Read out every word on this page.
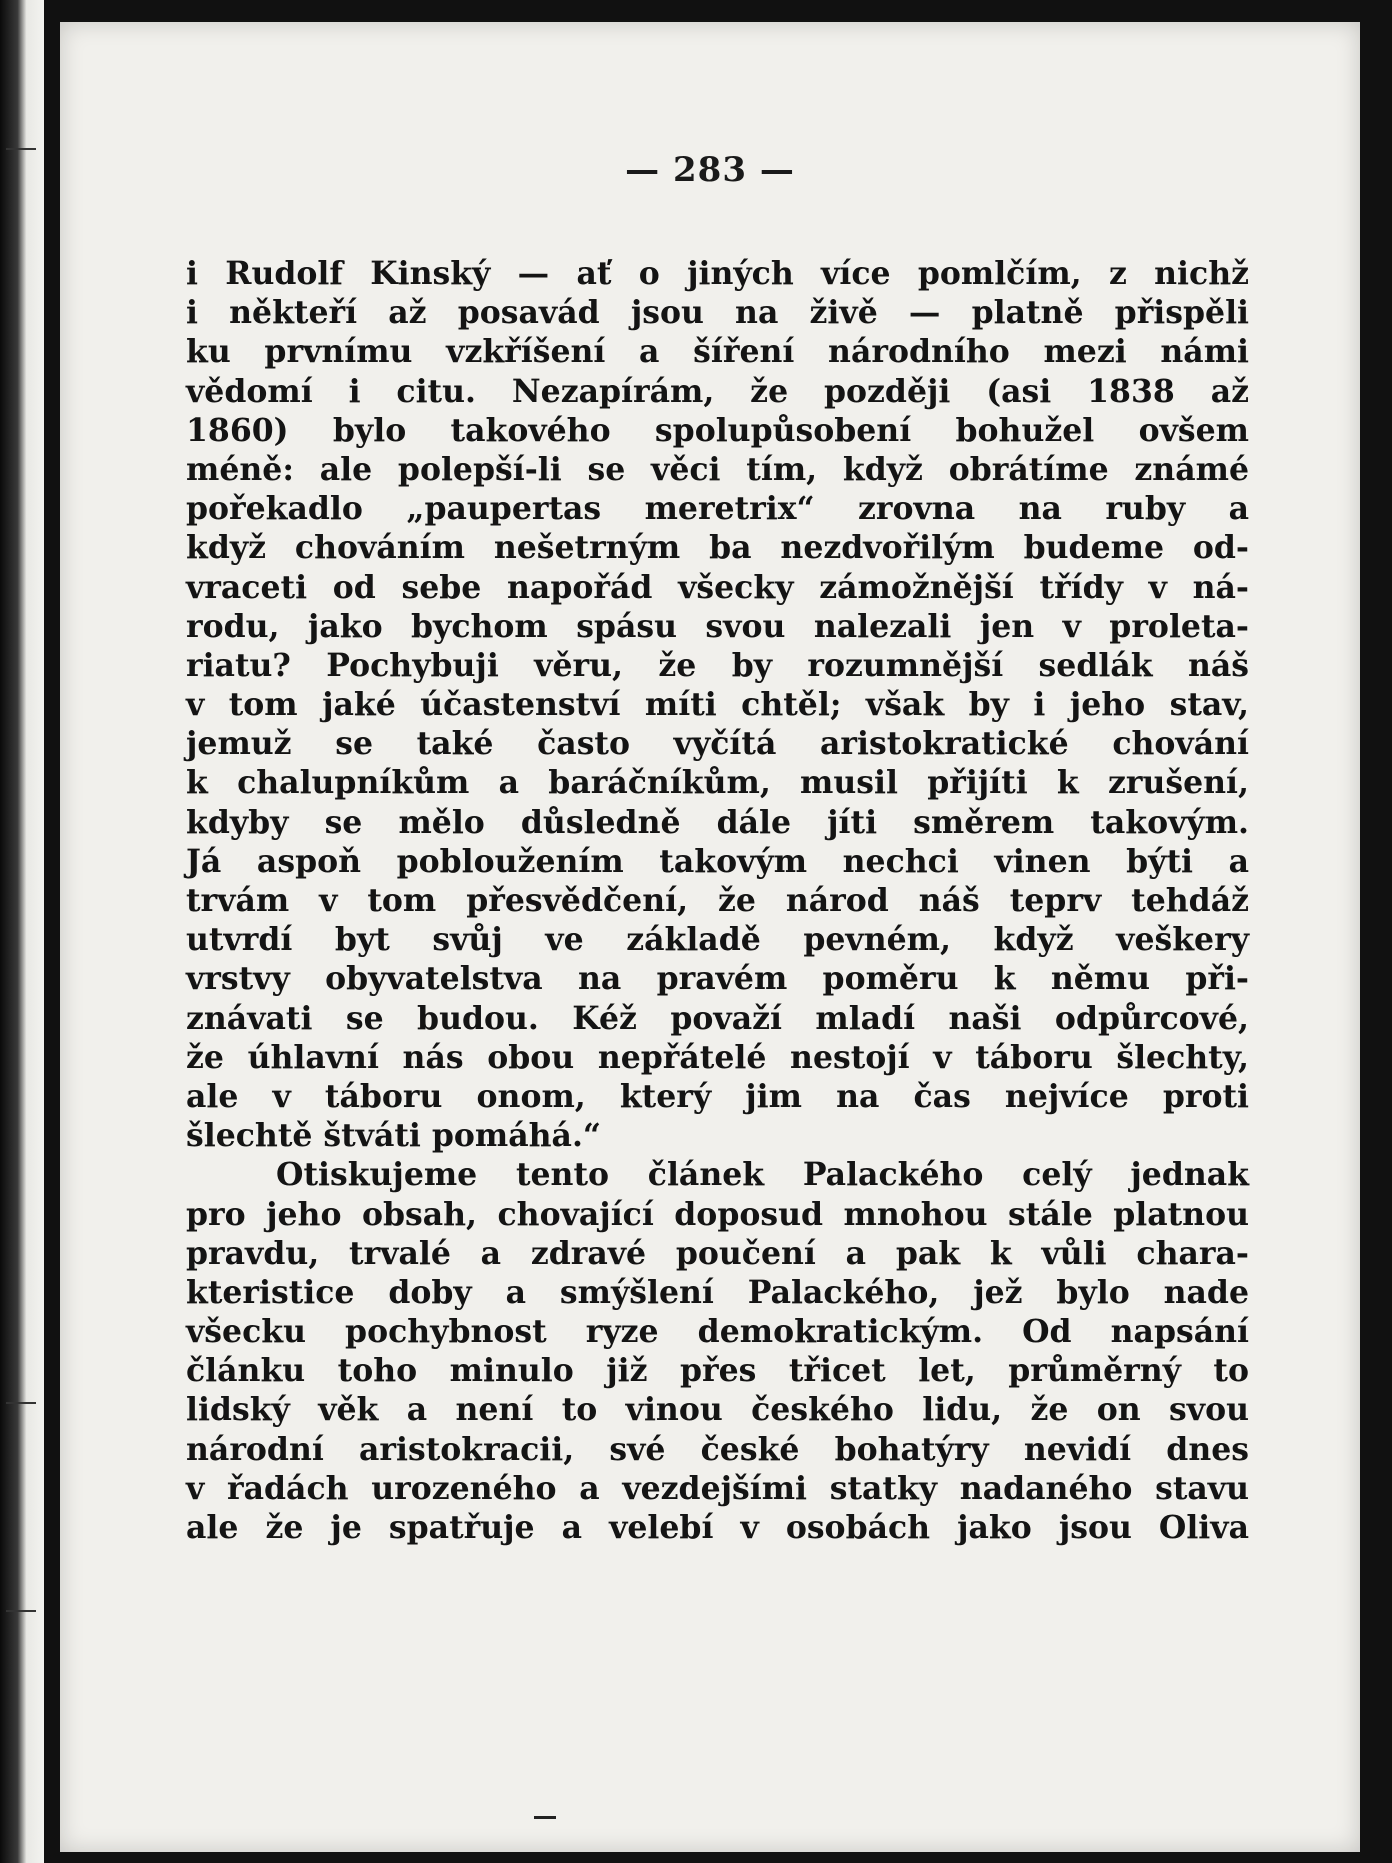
— 283 —
i Rudolf Kinský — ať o jiných více pomlčím, z nichž
i někteří až posavád jsou na živě — platně přispěli
ku prvnímu vzkříšení a šíření národního mezi námi
vědomí i citu. Nezapírám, že později (asi 1838 až
1860) bylo takového spolupůsobení bohužel ovšem
méně: ale polepší-li se věci tím, když obrátíme známé
pořekadlo „paupertas meretrix“ zrovna na ruby a
když chováním nešetrným ba nezdvořilým budeme od-
vraceti od sebe napořád všecky zámožnější třídy v ná-
rodu, jako bychom spásu svou nalezali jen v proleta-
riatu? Pochybuji věru, že by rozumnější sedlák náš
v tom jaké účastenství míti chtěl; však by i jeho stav,
jemuž se také často vyčítá aristokratické chování
k chalupníkům a baráčníkům, musil přijíti k zrušení,
kdyby se mělo důsledně dále jíti směrem takovým.
Já aspoň pobloužením takovým nechci vinen býti a
trvám v tom přesvědčení, že národ náš teprv tehdáž
utvrdí byt svůj ve základě pevném, když veškery
vrstvy obyvatelstva na pravém poměru k němu při-
znávati se budou. Kéž považí mladí naši odpůrcové,
že úhlavní nás obou nepřátelé nestojí v táboru šlechty,
ale v táboru onom, který jim na čas nejvíce proti
šlechtě štváti pomáhá.“
Otiskujeme tento článek Palackého celý jednak
pro jeho obsah, chovající doposud mnohou stále platnou
pravdu, trvalé a zdravé poučení a pak k vůli chara-
kteristice doby a smýšlení Palackého, jež bylo nade
všecku pochybnost ryze demokratickým. Od napsání
článku toho minulo již přes třicet let, průměrný to
lidský věk a není to vinou českého lidu, že on svou
národní aristokracii, své české bohatýry nevidí dnes
v řadách urozeného a vezdejšími statky nadaného stavu
ale že je spatřuje a velebí v osobách jako jsou Oliva
